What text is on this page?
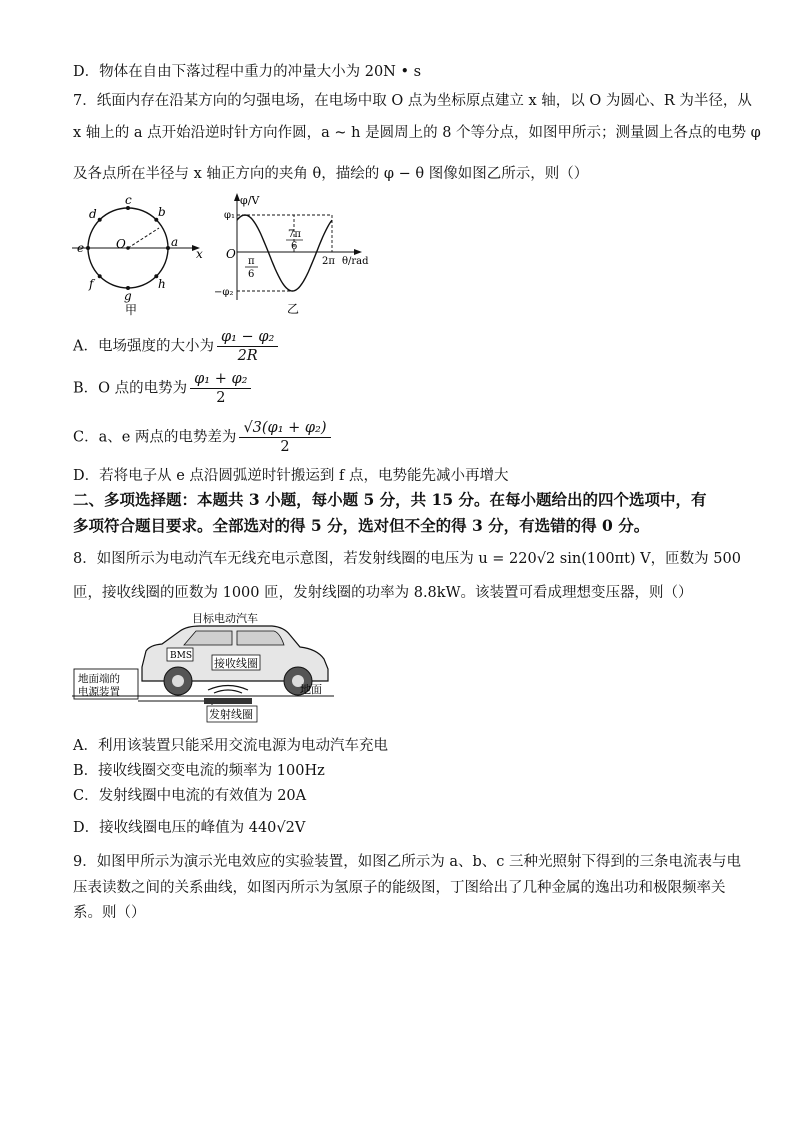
D．物体在自由下落过程中重力的冲量大小为 20N • s
7．纸面内存在沿某方向的匀强电场，在电场中取 O 点为坐标原点建立 x 轴，以 O 为圆心、R 为半径，从
x 轴上的 a 点开始沿逆时针方向作圆，a ~ h 是圆周上的 8 个等分点，如图甲所示；测量圆上各点的电势 φ
及各点所在半径与 x 轴正方向的夹角 θ，描绘的 φ − θ 图像如图乙所示，则（）
O	a
b
c
d
e
f
g
h
x
甲
φ/V
φ₁
−φ₂
O
π
6
7π
6
2π θ/rad
乙
A．电场强度的大小为 $\frac{\text{φ₁ − φ₂}}{2R}$
B．O 点的电势为 $\frac{\text{φ₁ + φ₂}}{2}$
C．a、e 两点的电势差为 $\frac{\text{√3(φ₁ + φ₂)}}{2}$
D．若将电子从 e 点沿圆弧逆时针搬运到 f 点，电势能先减小再增大
二、多项选择题：本题共 3 小题，每小题 5 分，共 15 分。在每小题给出的四个选项中，有
多项符合题目要求。全部选对的得 5 分，选对但不全的得 3 分，有选错的得 0 分。
8．如图所示为电动汽车无线充电示意图，若发射线圈的电压为 u = 220√2 sin(100πt) V，匝数为 500
匝，接收线圈的匝数为 1000 匝，发射线圈的功率为 8.8kW。该装置可看成理想变压器，则（）
目标电动汽车
BMS
接收线圈
地面端的
电源装置	地面
发射线圈
A．利用该装置只能采用交流电源为电动汽车充电
B．接收线圈交变电流的频率为 100Hz
C．发射线圈中电流的有效值为 20A
D．接收线圈电压的峰值为 440√2V
9．如图甲所示为演示光电效应的实验装置，如图乙所示为 a、b、c 三种光照射下得到的三条电流表与电
压表读数之间的关系曲线，如图丙所示为氢原子的能级图，丁图给出了几种金属的逸出功和极限频率关
系。则（）
